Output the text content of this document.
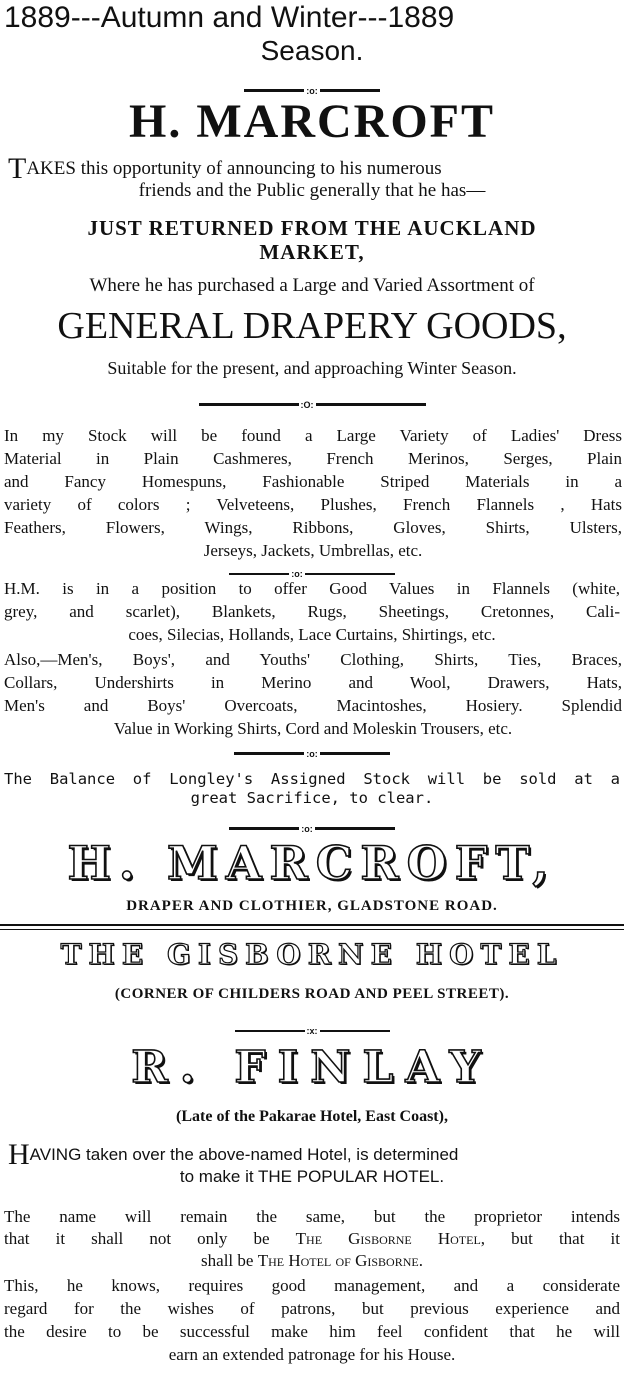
1889---Autumn and Winter---1889
Season.
:o:
H. MARCROFT
TAKES this opportunity of announcing to his numerous
friends and the Public generally that he has—
JUST RETURNED FROM THE AUCKLAND
MARKET,
Where he has purchased a Large and Varied Assortment of
GENERAL DRAPERY GOODS,
Suitable for the present, and approaching Winter Season.
:O:
In my Stock will be found a Large Variety of Ladies' Dress
Material in Plain Cashmeres, French Merinos, Serges, Plain
and Fancy Homespuns, Fashionable Striped Materials in a
variety of colors ; Velveteens, Plushes, French Flannels , Hats
Feathers, Flowers, Wings, Ribbons, Gloves, Shirts, Ulsters,
Jerseys, Jackets, Umbrellas, etc.
:o:
H.M. is in a position to offer Good Values in Flannels (white,
grey, and scarlet), Blankets, Rugs, Sheetings, Cretonnes, Cali-
coes, Silecias, Hollands, Lace Curtains, Shirtings, etc.
Also,—Men's, Boys', and Youths' Clothing, Shirts, Ties, Braces,
Collars, Undershirts in Merino and Wool, Drawers, Hats,
Men's and Boys' Overcoats, Macintoshes, Hosiery. Splendid
Value in Working Shirts, Cord and Moleskin Trousers, etc.
:o:
The Balance of Longley's Assigned Stock will be sold at a
great Sacrifice, to clear.
:o:
H. MARCROFT,
DRAPER AND CLOTHIER, GLADSTONE ROAD.
THE GISBORNE HOTEL
(CORNER OF CHILDERS ROAD AND PEEL STREET).
:x:
R. FINLAY
(Late of the Pakarae Hotel, East Coast),
HAVING taken over the above-named Hotel, is determined
to make it THE POPULAR HOTEL.
The name will remain the same, but the proprietor intends
that it shall not only be The Gisborne Hotel, but that it
shall be The Hotel of Gisborne.
This, he knows, requires good management, and a considerate
regard for the wishes of patrons, but previous experience and
the desire to be successful make him feel confident that he will
earn an extended patronage for his House.
